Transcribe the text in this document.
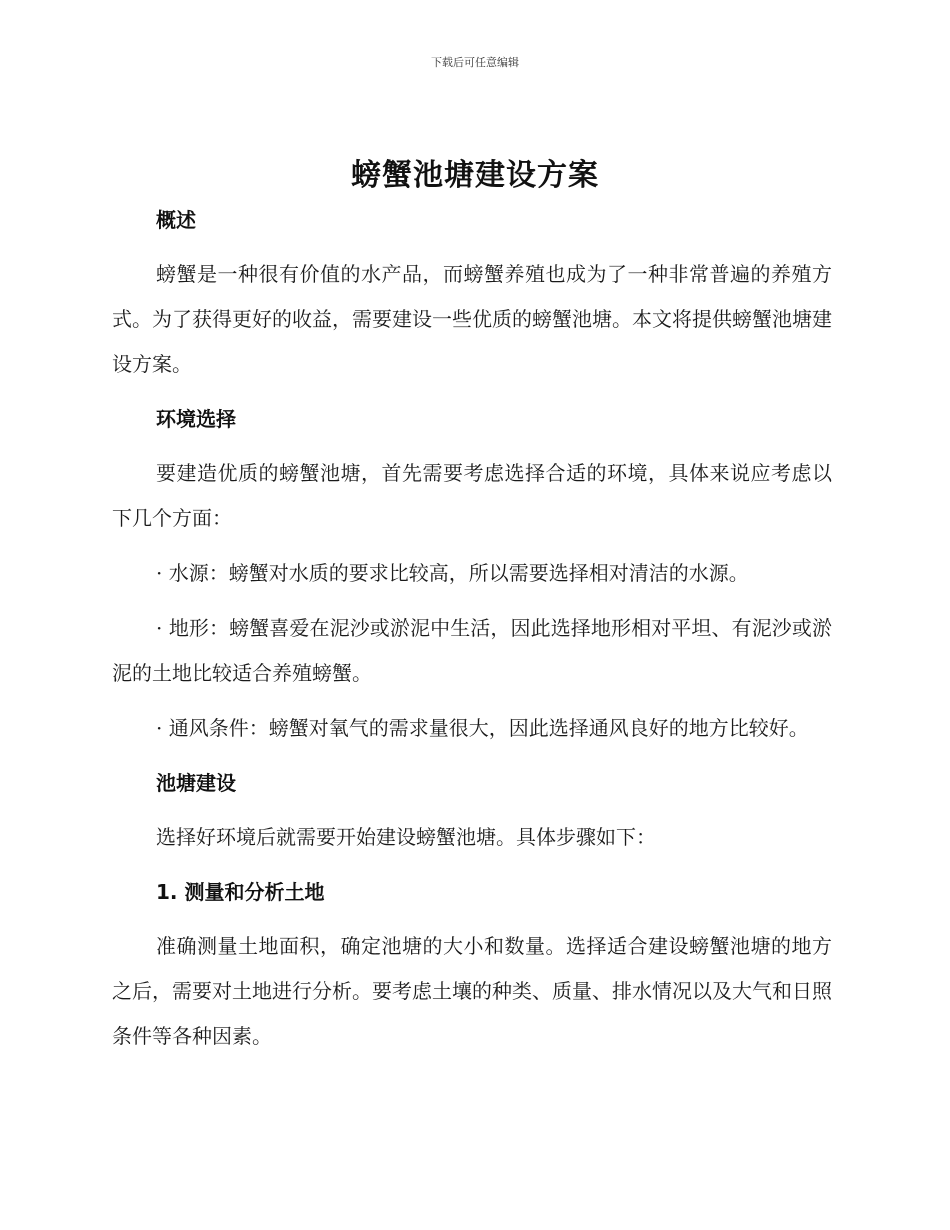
下载后可任意编辑
螃蟹池塘建设方案
概述

螃蟹是一种很有价值的水产品，而螃蟹养殖也成为了一种非常普遍的养殖方式。为了获得更好的收益，需要建设一些优质的螃蟹池塘。本文将提供螃蟹池塘建设方案。

环境选择

要建造优质的螃蟹池塘，首先需要考虑选择合适的环境，具体来说应考虑以下几个方面：

· 水源：螃蟹对水质的要求比较高，所以需要选择相对清洁的水源。

· 地形：螃蟹喜爱在泥沙或淤泥中生活，因此选择地形相对平坦、有泥沙或淤泥的土地比较适合养殖螃蟹。

· 通风条件：螃蟹对氧气的需求量很大，因此选择通风良好的地方比较好。

池塘建设

选择好环境后就需要开始建设螃蟹池塘。具体步骤如下：

1. 测量和分析土地

准确测量土地面积，确定池塘的大小和数量。选择适合建设螃蟹池塘的地方之后，需要对土地进行分析。要考虑土壤的种类、质量、排水情况以及大气和日照条件等各种因素。
